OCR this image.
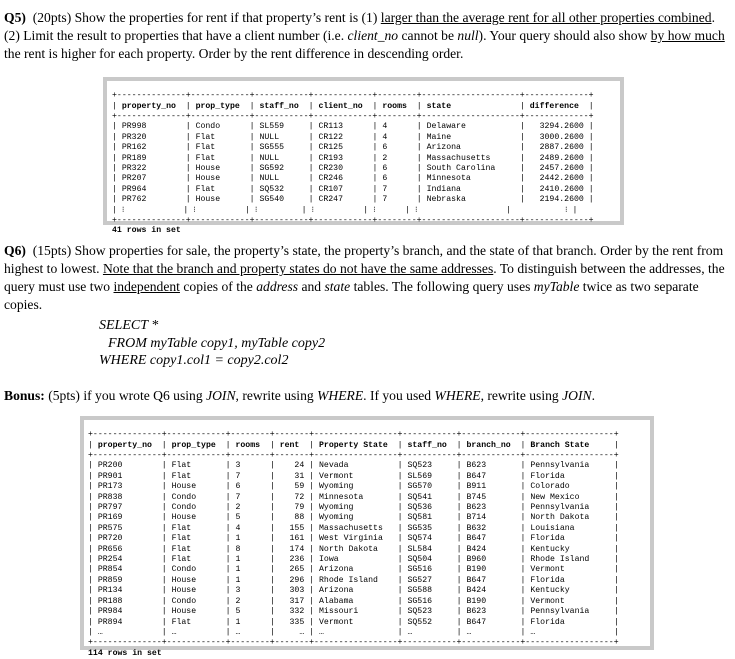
Q5) (20pts) Show the properties for rent if that property’s rent is (1) larger than the average rent for all other properties combined. (2) Limit the result to properties that have a client number (i.e. client_no cannot be null). Your query should also show by how much the rent is higher for each property. Order by the rent difference in descending order.
+--------------+------------+-----------+------------+--------+--------------------+-------------+
| property_no  | prop_type  | staff_no  | client_no  | rooms  | state              | difference  |
+--------------+------------+-----------+------------+--------+--------------------+-------------+
| PR998        | Condo      | SL559     | CR113      | 4      | Delaware           |   3294.2600 |
| PR320        | Flat       | NULL      | CR122      | 4      | Maine              |   3000.2600 |
| PR162        | Flat       | SG555     | CR125      | 6      | Arizona            |   2887.2600 |
| PR189        | Flat       | NULL      | CR193      | 2      | Massachusetts      |   2489.2600 |
| PR322        | House      | SG592     | CR230      | 6      | South Carolina     |   2457.2600 |
| PR207        | House      | NULL      | CR246      | 6      | Minnesota          |   2442.2600 |
| PR964        | Flat       | SQ532     | CR107      | 7      | Indiana            |   2410.2600 |
| PR762        | House      | SG540     | CR247      | 7      | Nebraska           |   2194.2600 |
| ⁝            | ⁝          | ⁝         | ⁝          | ⁝      | ⁝                  |           ⁝ |
+--------------+------------+-----------+------------+--------+--------------------+-------------+
41 rows in set
Q6) (15pts) Show properties for sale, the property’s state, the property’s branch, and the state of that branch. Order by the rent from highest to lowest. Note that the branch and property states do not have the same addresses. To distinguish between the addresses, the query must use two independent copies of the address and state tables. The following query uses myTable twice as two separate copies.
SELECT *
FROM myTable copy1, myTable copy2
WHERE copy1.col1 = copy2.col2
Bonus: (5pts) if you wrote Q6 using JOIN, rewrite using WHERE. If you used WHERE, rewrite using JOIN.
+--------------+------------+--------+-------+-----------------+-----------+------------+------------------+
| property_no  | prop_type  | rooms  | rent  | Property State  | staff_no  | branch_no  | Branch State     |
+--------------+------------+--------+-------+-----------------+-----------+------------+------------------+
| PR200        | Flat       | 3      |    24 | Nevada          | SQ523     | B623       | Pennsylvania     |
| PR901        | Flat       | 7      |    31 | Vermont         | SL569     | B647       | Florida          |
| PR173        | House      | 6      |    59 | Wyoming         | SG570     | B911       | Colorado         |
| PR838        | Condo      | 7      |    72 | Minnesota       | SQ541     | B745       | New Mexico       |
| PR797        | Condo      | 2      |    79 | Wyoming         | SQ536     | B623       | Pennsylvania     |
| PR169        | House      | 5      |    88 | Wyoming         | SQ581     | B714       | North Dakota     |
| PR575        | Flat       | 4      |   155 | Massachusetts   | SG535     | B632       | Louisiana        |
| PR720        | Flat       | 1      |   161 | West Virginia   | SQ574     | B647       | Florida          |
| PR656        | Flat       | 8      |   174 | North Dakota    | SL584     | B424       | Kentucky         |
| PR254        | Flat       | 1      |   236 | Iowa            | SQ504     | B960       | Rhode Island     |
| PR854        | Condo      | 1      |   265 | Arizona         | SG516     | B190       | Vermont          |
| PR859        | House      | 1      |   296 | Rhode Island    | SG527     | B647       | Florida          |
| PR134        | House      | 3      |   303 | Arizona         | SG588     | B424       | Kentucky         |
| PR188        | Condo      | 2      |   317 | Alabama         | SG516     | B190       | Vermont          |
| PR984        | House      | 5      |   332 | Missouri        | SQ523     | B623       | Pennsylvania     |
| PR894        | Flat       | 1      |   335 | Vermont         | SQ552     | B647       | Florida          |
| …            | …          | …      |     … | …               | …         | …          | …                |
+--------------+------------+--------+-------+-----------------+-----------+------------+------------------+
114 rows in set
